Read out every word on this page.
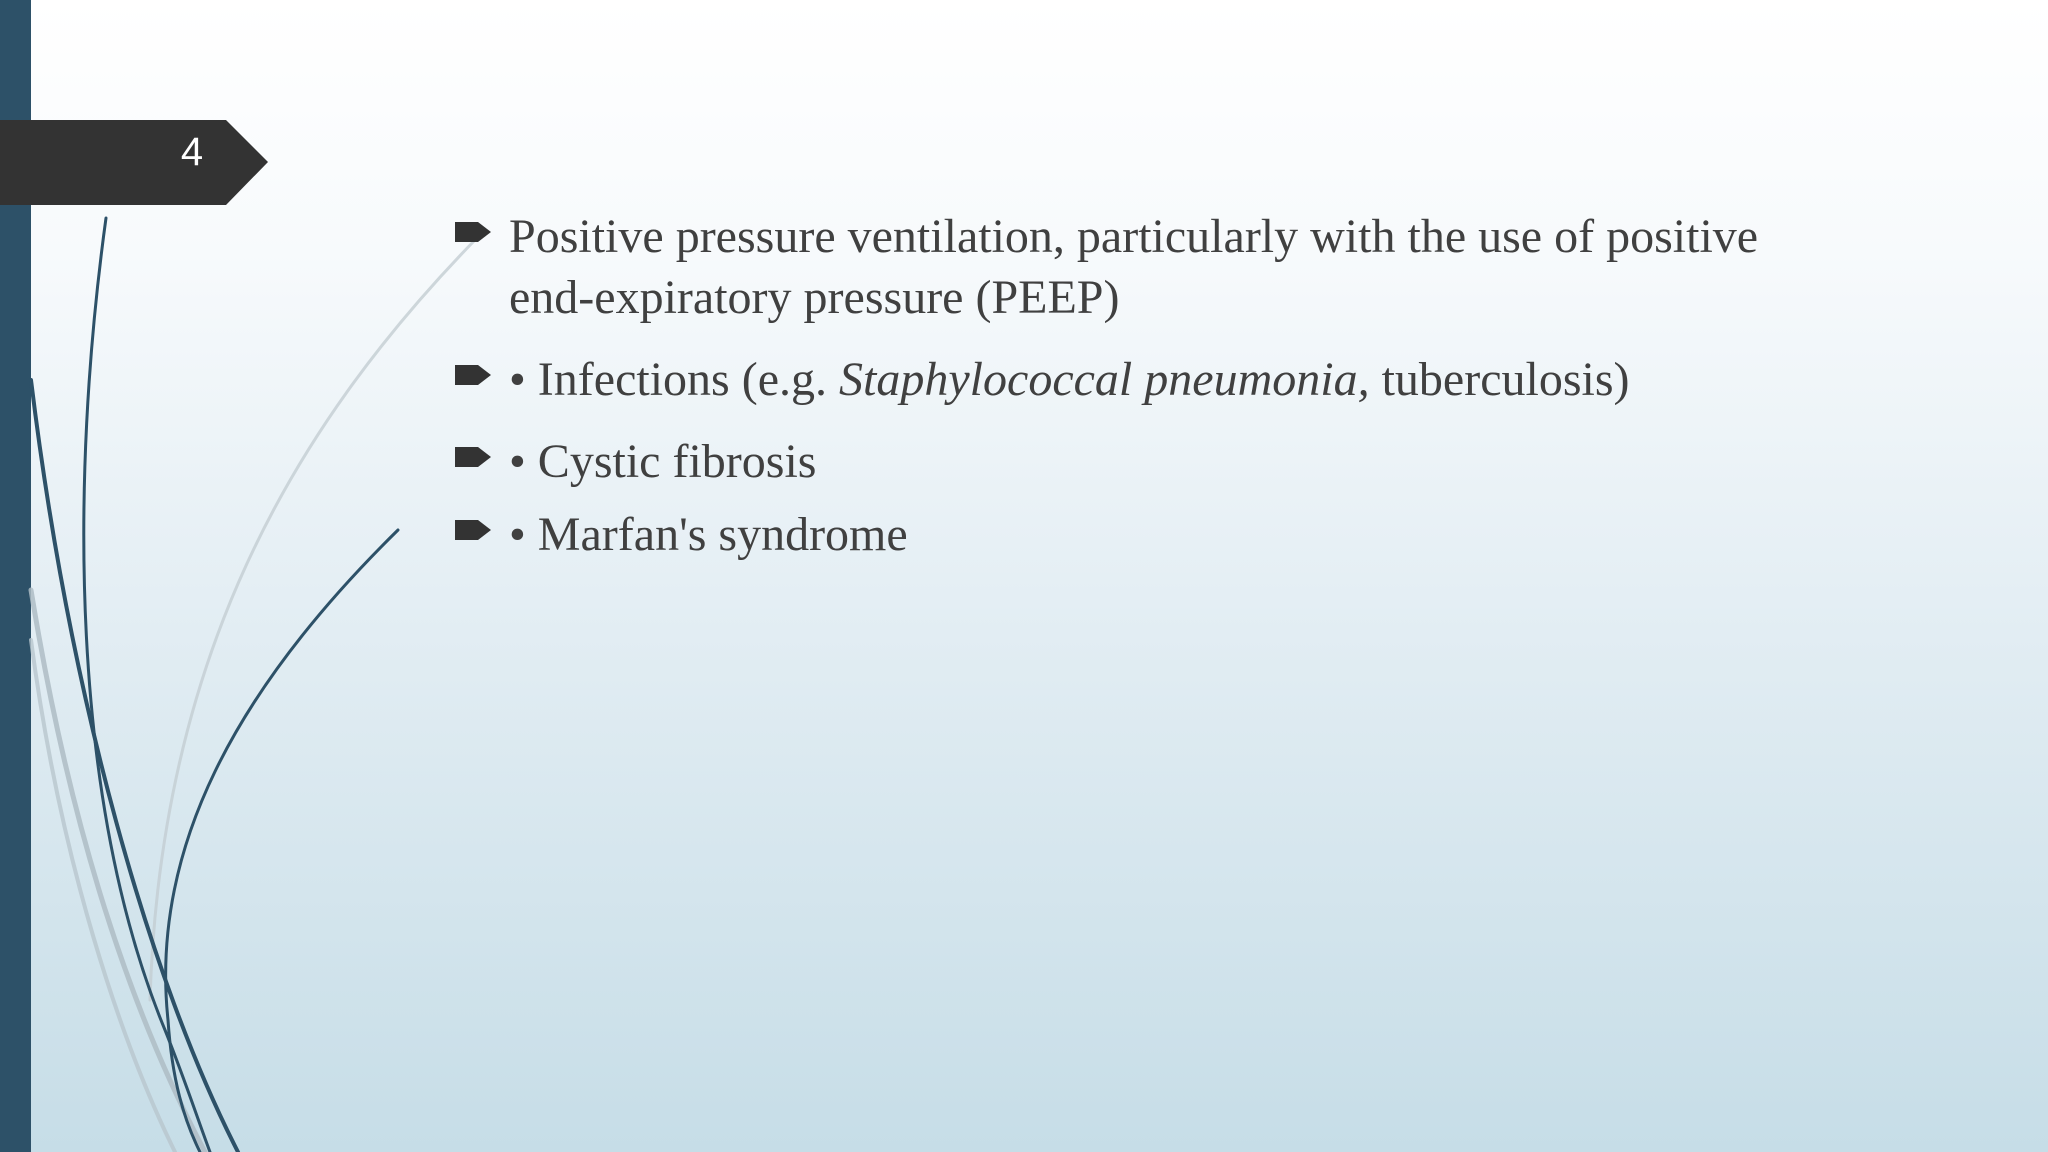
4
Positive pressure ventilation, particularly with the use of positive
end-expiratory pressure (PEEP)
• Infections (e.g. Staphylococcal pneumonia, tuberculosis)
• Cystic fibrosis
• Marfan's syndrome
